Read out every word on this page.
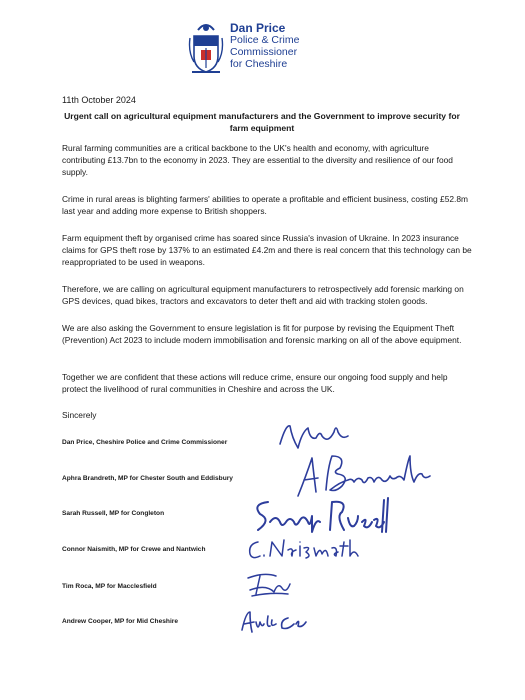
Dan Price
Police & Crime
Commissioner
for Cheshire
11th October 2024
Urgent call on agricultural equipment manufacturers and the Government to improve security for farm equipment

Rural farming communities are a critical backbone to the UK's health and economy, with agriculture contributing £13.7bn to the economy in 2023. They are essential to the diversity and resilience of our food supply.

Crime in rural areas is blighting farmers' abilities to operate a profitable and efficient business, costing £52.8m last year and adding more expense to British shoppers.

Farm equipment theft by organised crime has soared since Russia's invasion of Ukraine. In 2023 insurance claims for GPS theft rose by 137% to an estimated £4.2m and there is real concern that this technology can be reappropriated to be used in weapons.

Therefore, we are calling on agricultural equipment manufacturers to retrospectively add forensic marking on GPS devices, quad bikes, tractors and excavators to deter theft and aid with tracking stolen goods.

We are also asking the Government to ensure legislation is fit for purpose by revising the Equipment Theft (Prevention) Act 2023 to include modern immobilisation and forensic marking on all of the above equipment.

Together we are confident that these actions will reduce crime, ensure our ongoing food supply and help protect the livelihood of rural communities in Cheshire and across the UK.

Sincerely
Dan Price, Cheshire Police and Crime Commissioner
Aphra Brandreth, MP for Chester South and Eddisbury
Sarah Russell, MP for Congleton
Connor Naismith, MP for Crewe and Nantwich
Tim Roca, MP for Macclesfield
Andrew Cooper, MP for Mid Cheshire
